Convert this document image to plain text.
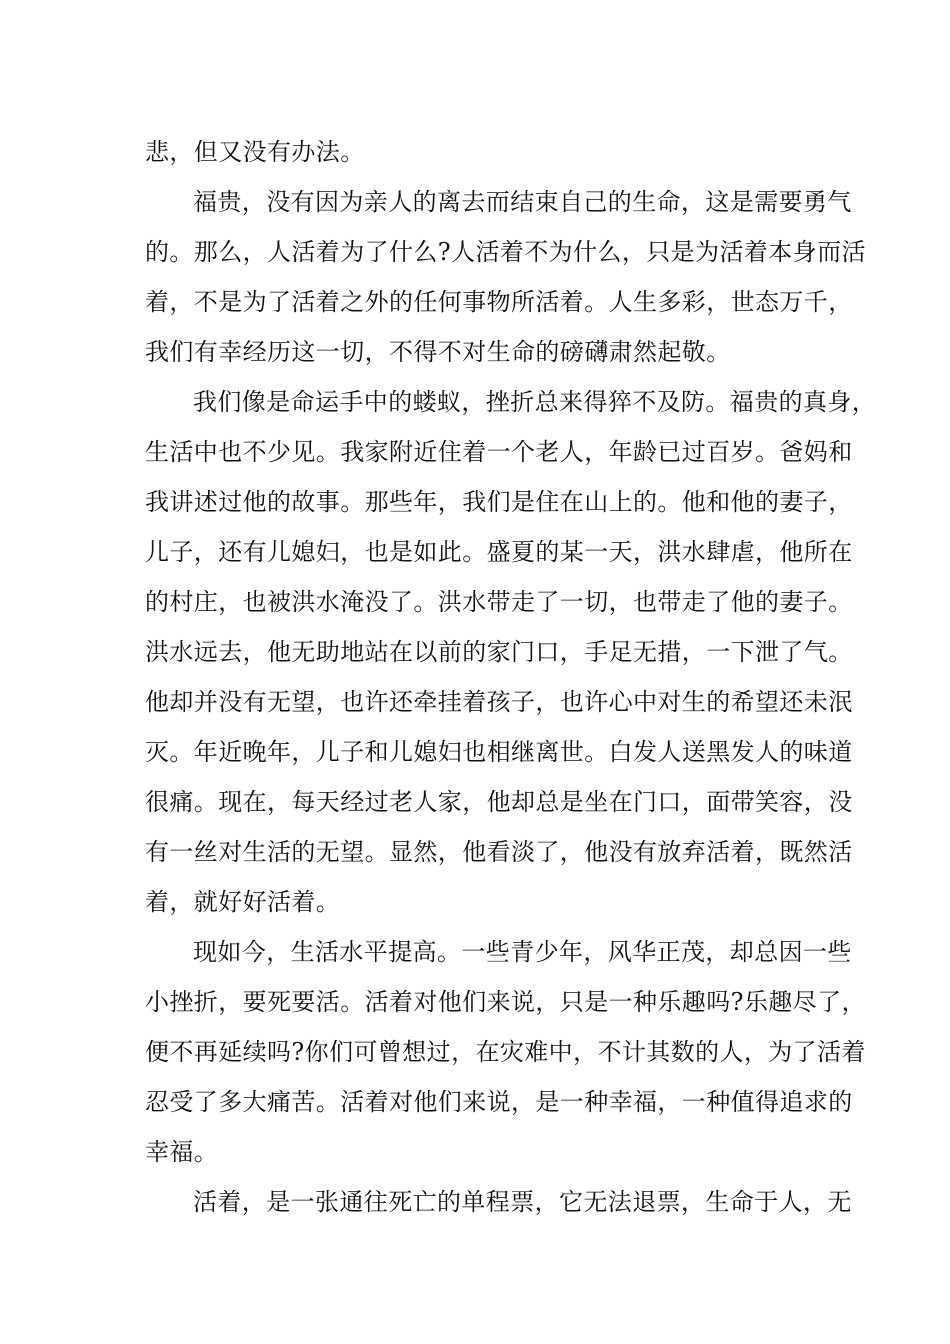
悲，但又没有办法。

福贵，没有因为亲人的离去而结束自己的生命，这是需要勇气

的。那么，人活着为了什么?人活着不为什么，只是为活着本身而活

着，不是为了活着之外的任何事物所活着。人生多彩，世态万千，

我们有幸经历这一切，不得不对生命的磅礴肃然起敬。

我们像是命运手中的蝼蚁，挫折总来得猝不及防。福贵的真身，

生活中也不少见。我家附近住着一个老人，年龄已过百岁。爸妈和

我讲述过他的故事。那些年，我们是住在山上的。他和他的妻子，

儿子，还有儿媳妇，也是如此。盛夏的某一天，洪水肆虐，他所在

的村庄，也被洪水淹没了。洪水带走了一切，也带走了他的妻子。

洪水远去，他无助地站在以前的家门口，手足无措，一下泄了气。

他却并没有无望，也许还牵挂着孩子，也许心中对生的希望还未泯

灭。年近晚年，儿子和儿媳妇也相继离世。白发人送黑发人的味道

很痛。现在，每天经过老人家，他却总是坐在门口，面带笑容，没

有一丝对生活的无望。显然，他看淡了，他没有放弃活着，既然活

着，就好好活着。

现如今，生活水平提高。一些青少年，风华正茂，却总因一些

小挫折，要死要活。活着对他们来说，只是一种乐趣吗?乐趣尽了，

便不再延续吗?你们可曾想过，在灾难中，不计其数的人，为了活着

忍受了多大痛苦。活着对他们来说，是一种幸福，一种值得追求的

幸福。

活着，是一张通往死亡的单程票，它无法退票，生命于人，无
